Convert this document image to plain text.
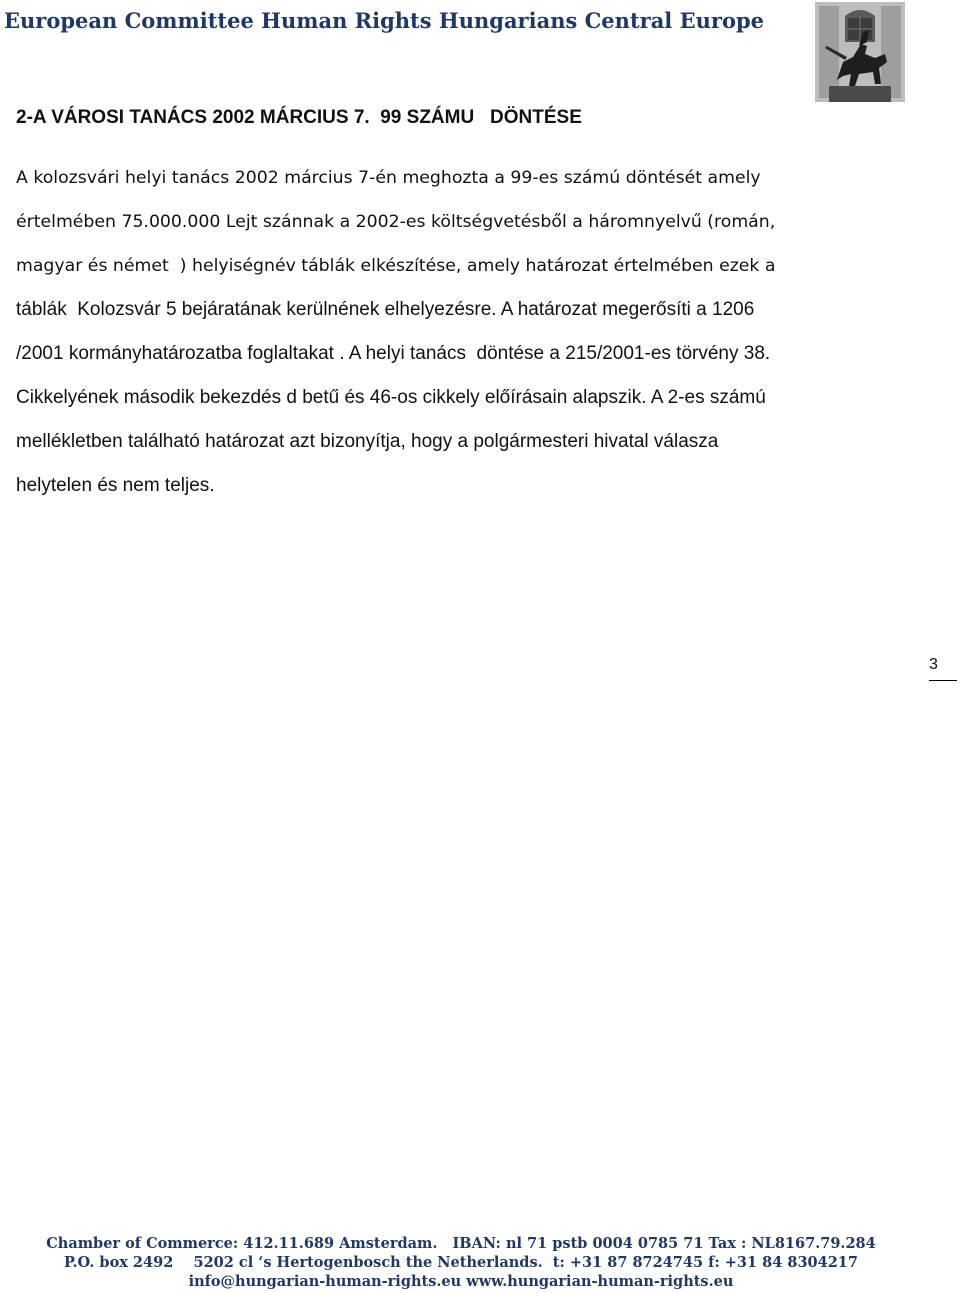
European Committee Human Rights Hungarians Central Europe
2-A VÁROSI TANÁCS 2002 MÁRCIUS 7.  99 SZÁMU   DÖNTÉSE
A kolozsvári helyi tanács 2002 március 7-én meghozta a 99-es számú döntését amely
értelmében 75.000.000 Lejt szánnak a 2002-es költségvetésből a háromnyelvű (román,
magyar és német  ) helyiségnév táblák elkészítése, amely határozat értelmében ezek a
táblák  Kolozsvár 5 bejáratának kerülnének elhelyezésre. A határozat megerősíti a 1206
/2001 kormányhatározatba foglaltakat . A helyi tanács  döntése a 215/2001-es törvény 38.
Cikkelyének második bekezdés d betű és 46-os cikkely előírásain alapszik. A 2-es számú
mellékletben található határozat azt bizonyítja, hogy a polgármesteri hivatal válasza
helytelen és nem teljes.
3
Chamber of Commerce: 412.11.689 Amsterdam.   IBAN: nl 71 pstb 0004 0785 71 Tax : NL8167.79.284
P.O. box 2492    5202 cl ‘s Hertogenbosch the Netherlands.  t: +31 87 8724745 f: +31 84 8304217
info@hungarian-human-rights.eu www.hungarian-human-rights.eu
